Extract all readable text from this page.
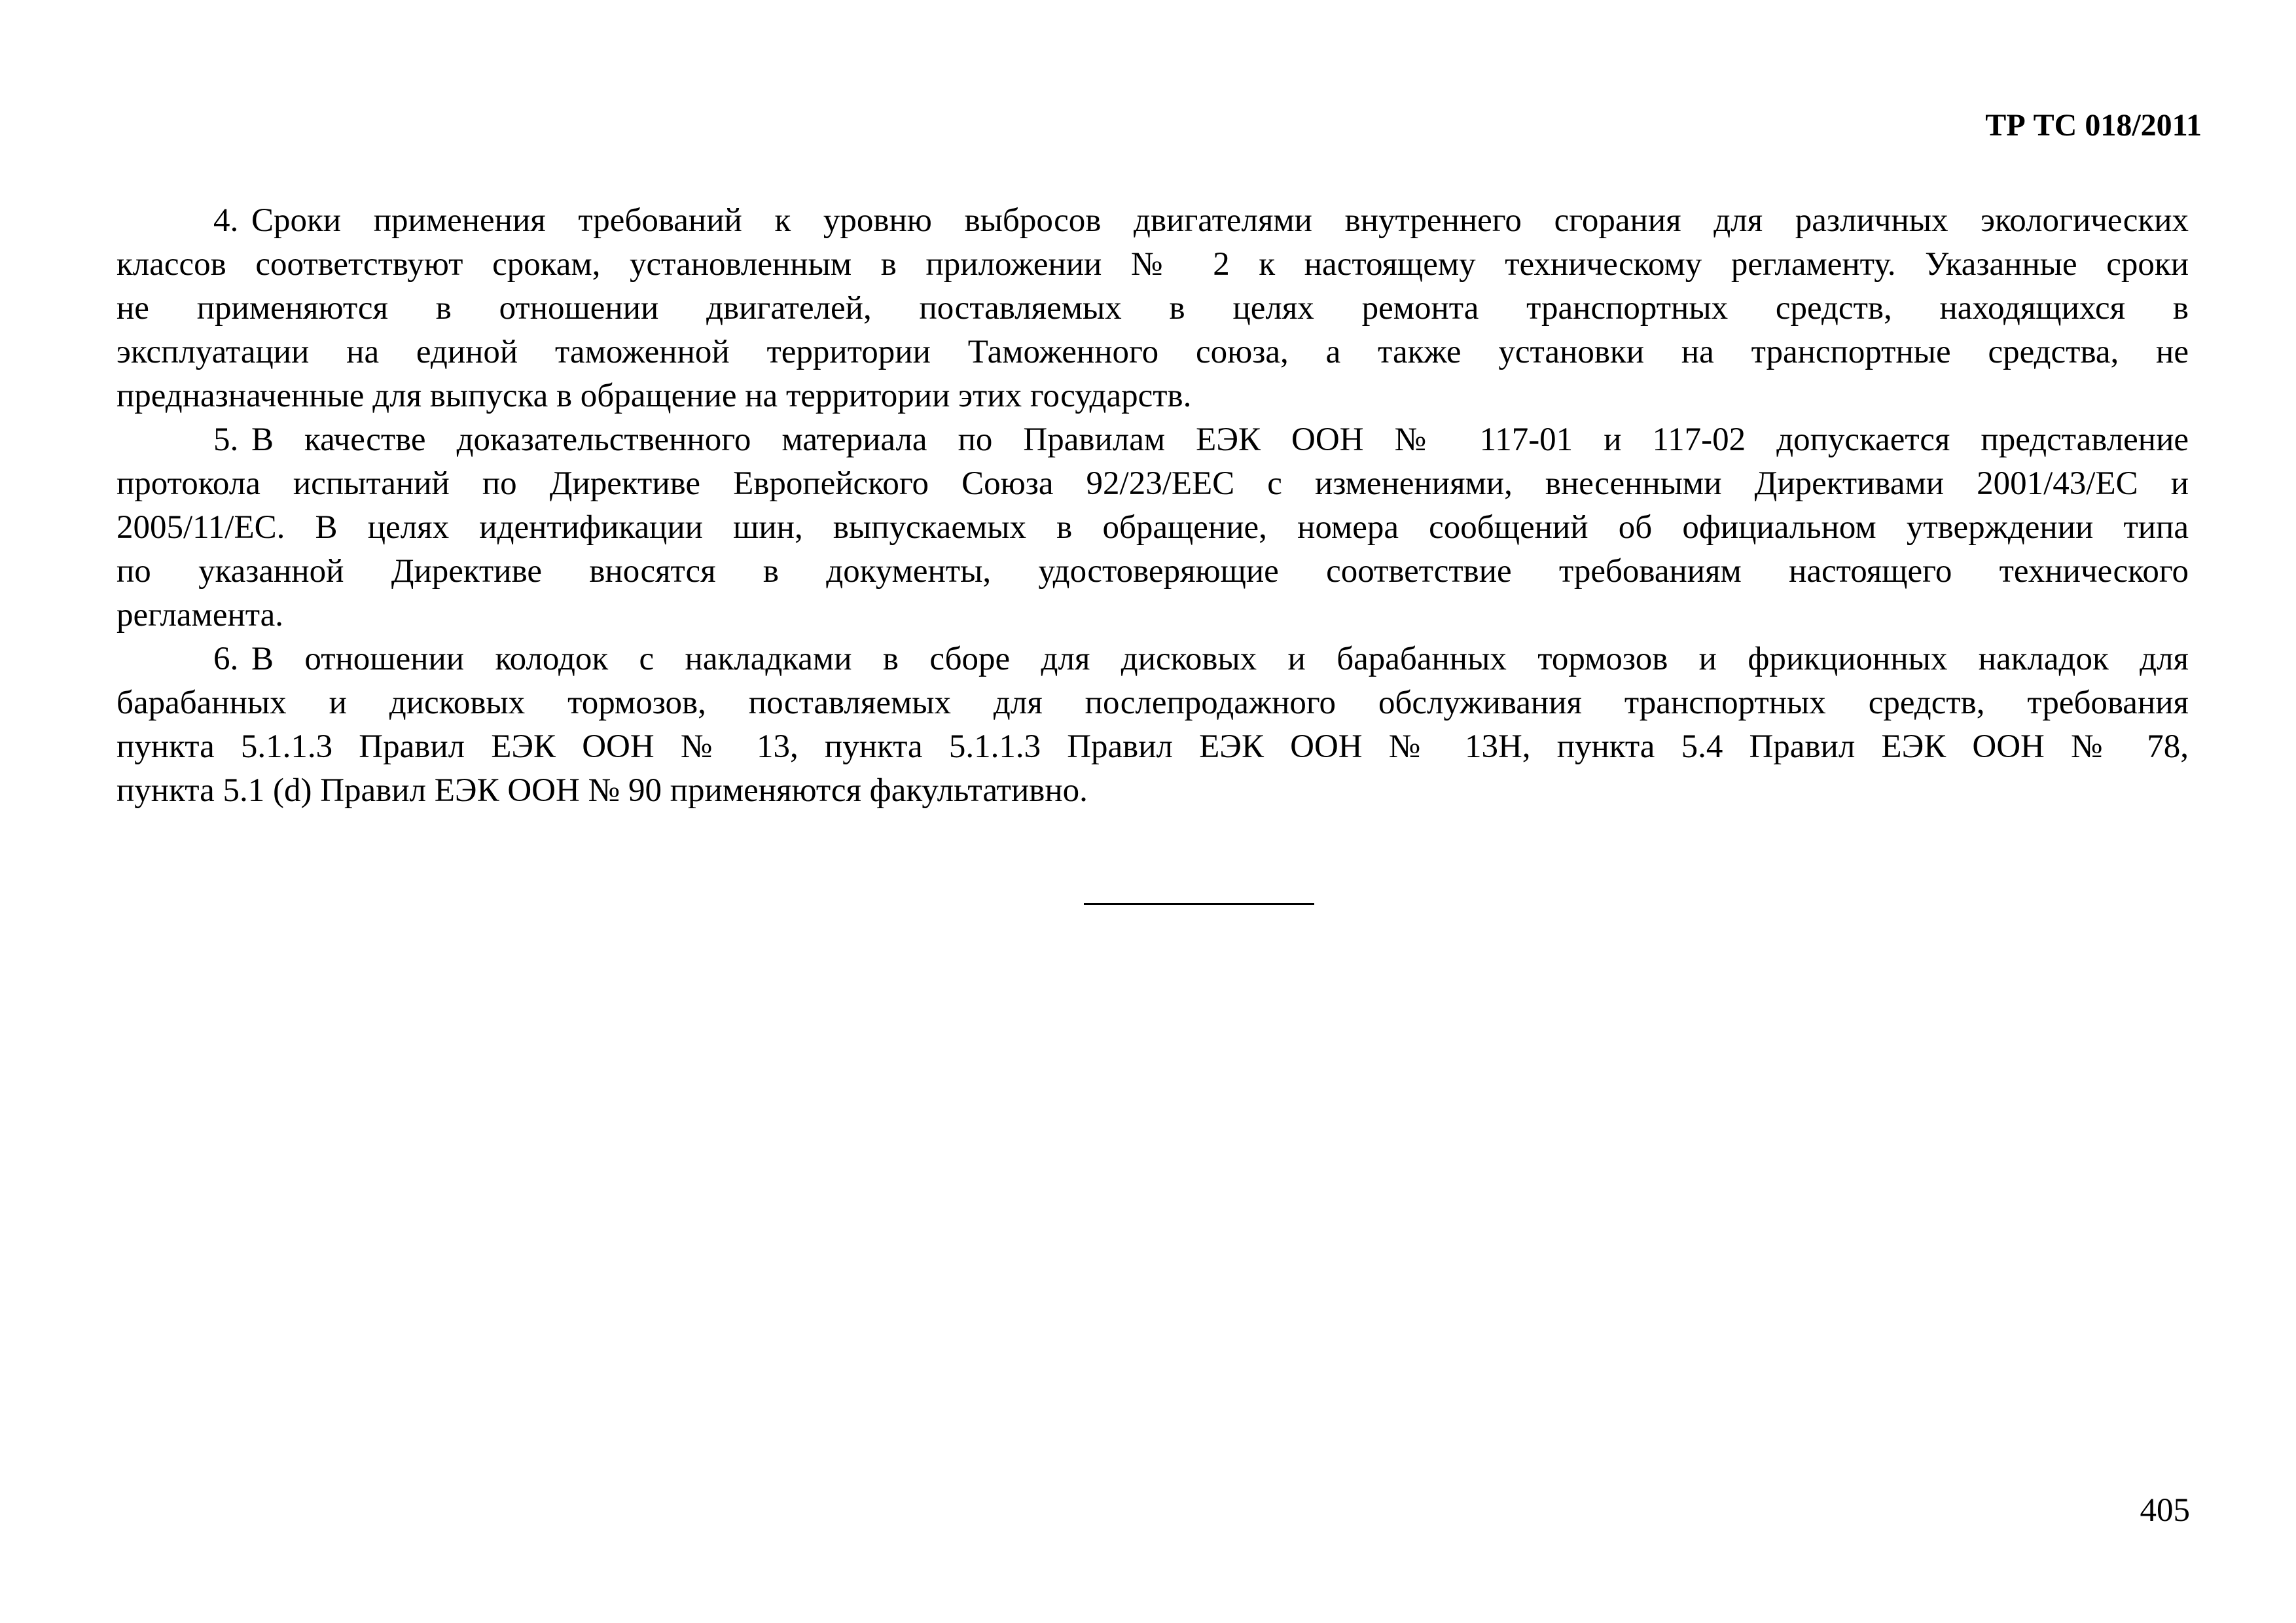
ТР ТС 018/2011
4. Сроки применения требований к уровню выбросов двигателями внутреннего сгорания для различных экологических
классов соответствуют срокам, установленным в приложении № 2 к настоящему техническому регламенту. Указанные сроки
не применяются в отношении двигателей, поставляемых в целях ремонта транспортных средств, находящихся в
эксплуатации на единой таможенной территории Таможенного союза, а также установки на транспортные средства, не
предназначенные для выпуска в обращение на территории этих государств.
5. В качестве доказательственного материала по Правилам ЕЭК ООН № 117-01 и 117-02 допускается представление
протокола испытаний по Директиве Европейского Союза 92/23/ЕЕС с изменениями, внесенными Директивами 2001/43/ЕС и
2005/11/ЕС. В целях идентификации шин, выпускаемых в обращение, номера сообщений об официальном утверждении типа
по указанной Директиве вносятся в документы, удостоверяющие соответствие требованиям настоящего технического
регламента.
6. В отношении колодок с накладками в сборе для дисковых и барабанных тормозов и фрикционных накладок для
барабанных и дисковых тормозов, поставляемых для послепродажного обслуживания транспортных средств, требования
пункта 5.1.1.3 Правил ЕЭК ООН № 13, пункта 5.1.1.3 Правил ЕЭК ООН № 13Н, пункта 5.4 Правил ЕЭК ООН № 78,
пункта 5.1 (d) Правил ЕЭК ООН № 90 применяются факультативно.
405
